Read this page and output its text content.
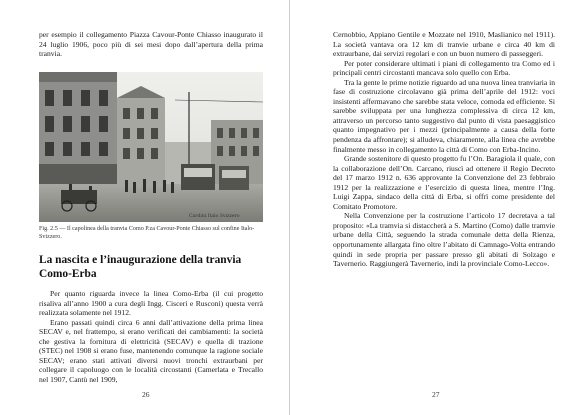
per esempio il collegamento Piazza Cavour-Ponte Chiasso inaugurato il 24 luglio 1906, poco più di sei mesi dopo dall’apertura della prima tranvia.

Cardini Italo Svizzero
Fig. 2.5 — Il capolinea della tranvia Como P.za Cavour-Ponte Chiasso sul confine Italo-Svizzero.
La nascita e l’inaugurazione della tranvia Como-Erba

Per quanto riguarda invece la linea Como-Erba (il cui progetto risaliva all’anno 1900 a cura degli Ingg. Cisceri e Rusconi) questa verrà realizzata solamente nel 1912.

Erano passati quindi circa 6 anni dall’attivazione della prima linea SECAV e, nel frattempo, si erano verificati dei cambiamenti: la società che gestiva la fornitura di elettricità (SECAV) e quella di trazione (STEC) nel 1908 si erano fuse, mantenendo comunque la ragione sociale SECAV; erano stati attivati diversi nuovi tronchi extraurbani per collegare il capoluogo con le località circostanti (Camerlata e Trecallo nel 1907, Cantù nel 1909,

26

Cernobbio, Appiano Gentile e Mozzate nel 1910, Maslianico nel 1911). La società vantava ora 12 km di tranvie urbane e circa 40 km di extraurbane, dai servizi regolari e con un buon numero di passeggeri.

Per poter considerare ultimati i piani di collegamento tra Como ed i principali centri circostanti mancava solo quello con Erba.

Tra la gente le prime notizie riguardo ad una nuova linea tranviaria in fase di costruzione circolavano già prima dell’aprile del 1912: voci insistenti affermavano che sarebbe stata veloce, comoda ed efficiente. Si sarebbe sviluppata per una lunghezza complessiva di circa 12 km, attraverso un percorso tanto suggestivo dal punto di vista paesaggistico quanto impegnativo per i mezzi (principalmente a causa della forte pendenza da affrontare); si alludeva, chiaramente, alla linea che avrebbe finalmente messo in collegamento la città di Como con Erba-Incino.

Grande sostenitore di questo progetto fu l’On. Baragiola il quale, con la collaborazione dell’On. Carcano, riuscì ad ottenere il Regio Decreto del 17 marzo 1912 n. 636 approvante la Convenzione del 23 febbraio 1912 per la realizzazione e l’esercizio di questa linea, mentre l’Ing. Luigi Zappa, sindaco della città di Erba, si offrì come presidente del Comitato Promotore.

Nella Convenzione per la costruzione l’articolo 17 decretava a tal proposito: «La tramvia si distaccherà a S. Martino (Como) dalle tramvie urbane della Città, seguendo la strada comunale detta della Rienza, opportunamente allargata fino oltre l’abitato di Camnago-Volta entrando quindi in sede propria per passare presso gli abitati di Solzago e Tavernerio. Raggiungerà Tavernerio, indi la provinciale Como-Lecco».

27
